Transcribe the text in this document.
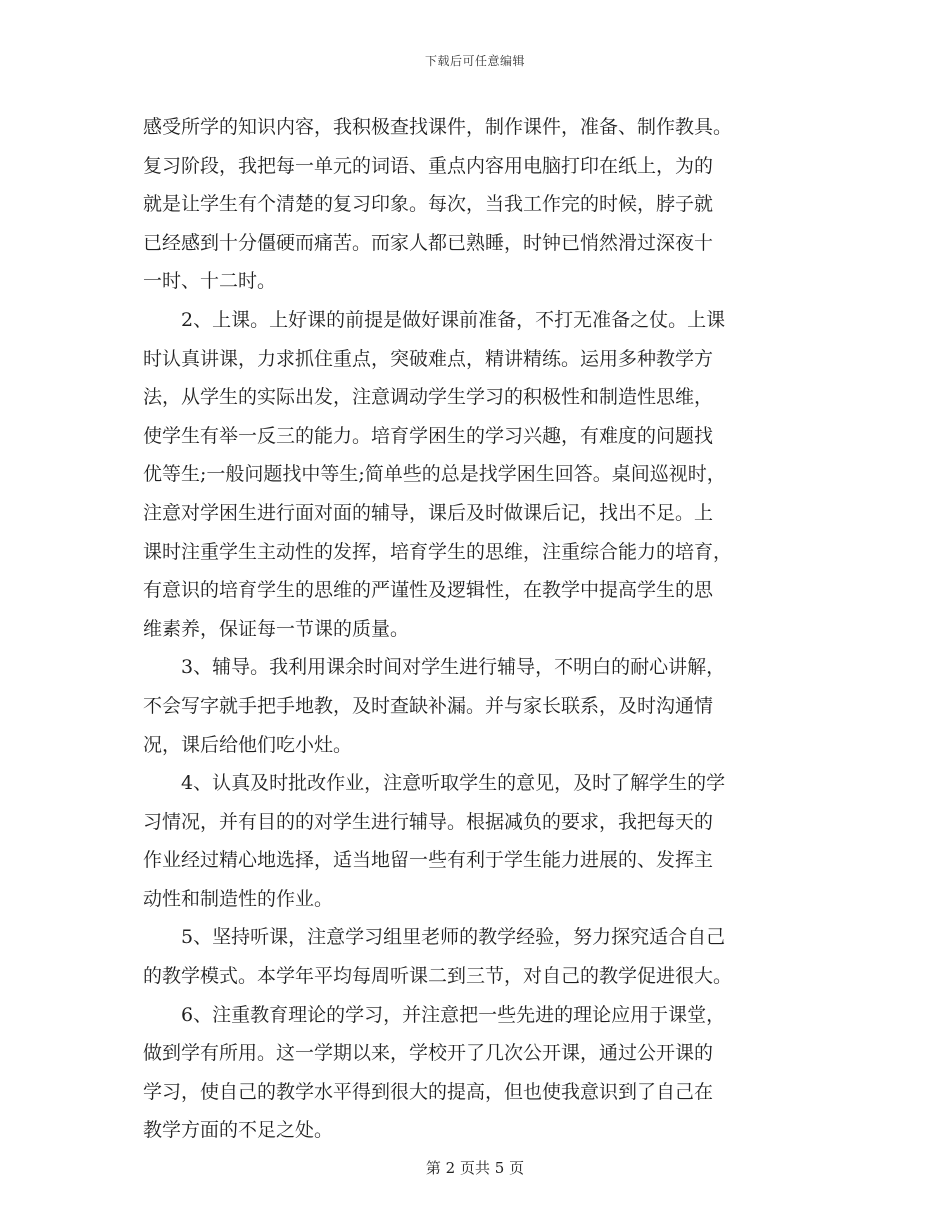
下载后可任意编辑
感受所学的知识内容，我积极查找课件，制作课件，准备、制作教具。
复习阶段，我把每一单元的词语、重点内容用电脑打印在纸上，为的
就是让学生有个清楚的复习印象。每次，当我工作完的时候，脖子就
已经感到十分僵硬而痛苦。而家人都已熟睡，时钟已悄然滑过深夜十
一时、十二时。
2、上课。上好课的前提是做好课前准备，不打无准备之仗。上课
时认真讲课，力求抓住重点，突破难点，精讲精练。运用多种教学方
法，从学生的实际出发，注意调动学生学习的积极性和制造性思维，
使学生有举一反三的能力。培育学困生的学习兴趣，有难度的问题找
优等生;一般问题找中等生;简单些的总是找学困生回答。桌间巡视时，
注意对学困生进行面对面的辅导，课后及时做课后记，找出不足。上
课时注重学生主动性的发挥，培育学生的思维，注重综合能力的培育，
有意识的培育学生的思维的严谨性及逻辑性，在教学中提高学生的思
维素养，保证每一节课的质量。
3、辅导。我利用课余时间对学生进行辅导，不明白的耐心讲解，
不会写字就手把手地教，及时查缺补漏。并与家长联系，及时沟通情
况，课后给他们吃小灶。
4、认真及时批改作业，注意听取学生的意见，及时了解学生的学
习情况，并有目的的对学生进行辅导。根据减负的要求，我把每天的
作业经过精心地选择，适当地留一些有利于学生能力进展的、发挥主
动性和制造性的作业。
5、坚持听课，注意学习组里老师的教学经验，努力探究适合自己
的教学模式。本学年平均每周听课二到三节，对自己的教学促进很大。
6、注重教育理论的学习，并注意把一些先进的理论应用于课堂，
做到学有所用。这一学期以来，学校开了几次公开课，通过公开课的
学习，使自己的教学水平得到很大的提高，但也使我意识到了自己在
教学方面的不足之处。
第 2 页共 5 页
